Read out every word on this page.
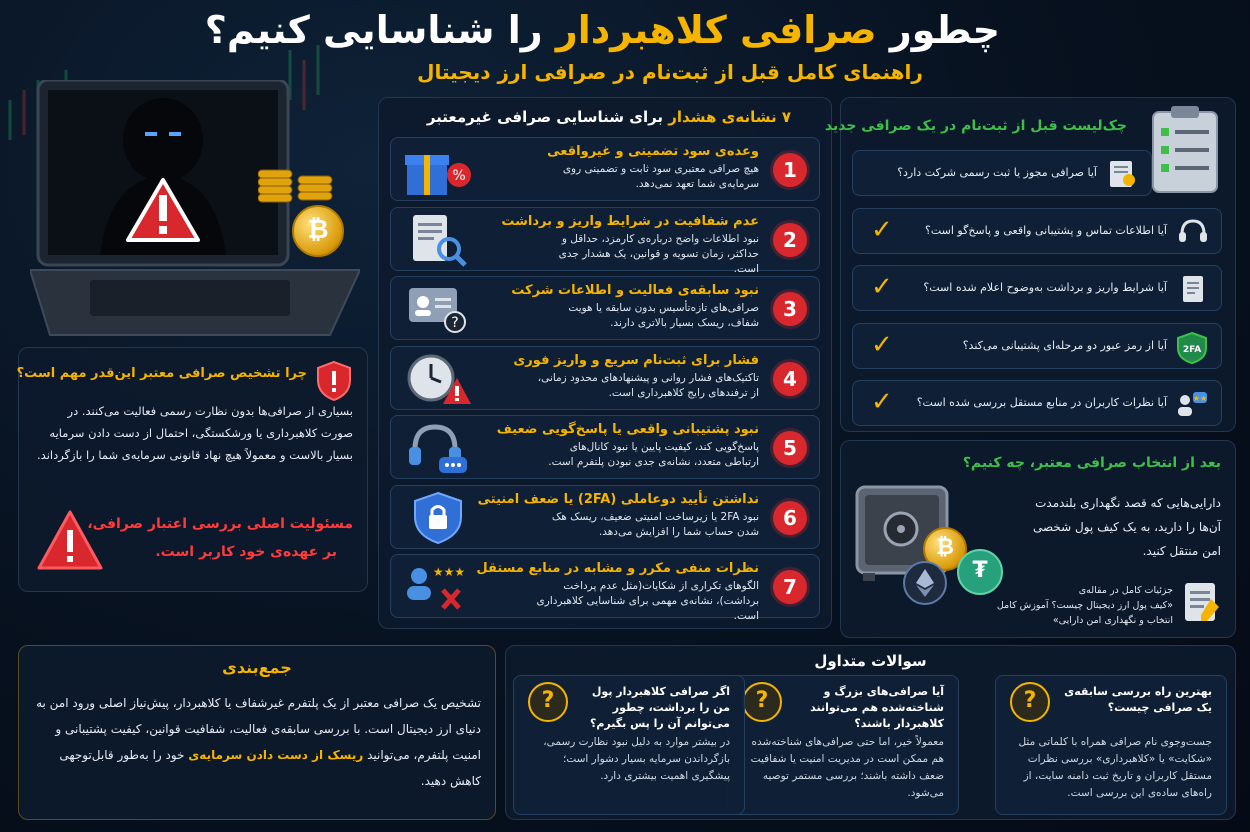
چطور صرافی کلاهبردار را شناسایی کنیم؟
راهنمای کامل قبل از ثبت‌نام در صرافی ارز دیجیتال
₿
چرا تشخیص صرافی معتبر این‌قدر مهم است؟
بسیاری از صرافی‌ها بدون نظارت رسمی فعالیت می‌کنند. در صورت کلاهبرداری یا ورشکستگی، احتمال از دست دادن سرمایه بسیار بالاست و معمولاً هیچ نهاد قانونی سرمایه‌ی شما را بازگرداند.
مسئولیت اصلی بررسی اعتبار صرافی،
بر عهده‌ی خود کاربر است.
۷ نشانه‌ی هشدار برای شناسایی صرافی غیرمعتبر
1
وعده‌ی سود تضمینی و غیرواقعی
هیچ صرافی معتبری سود ثابت و تضمینی روی سرمایه‌ی شما تعهد نمی‌دهد.
%
2
عدم شفافیت در شرایط واریز و برداشت
نبود اطلاعات واضح درباره‌ی کارمزد، حداقل و حداکثر، زمان تسویه و قوانین، یک هشدار جدی است.
3
نبود سابقه‌ی فعالیت و اطلاعات شرکت
صرافی‌های تازه‌تأسیس بدون سابقه یا هویت شفاف، ریسک بسیار بالاتری دارند.
?
4
فشار برای ثبت‌نام سریع و واریز فوری
تاکتیک‌های فشار روانی و پیشنهادهای محدود زمانی، از ترفندهای رایج کلاهبرداری است.
5
نبود پشتیبانی واقعی یا پاسخ‌گویی ضعیف
پاسخ‌گویی کند، کیفیت پایین یا نبود کانال‌های ارتباطی متعدد، نشانه‌ی جدی نبودن پلتفرم است.
6
نداشتن تأیید دوعاملی (2FA) یا ضعف امنیتی
نبود 2FA یا زیرساخت امنیتی ضعیف، ریسک هک شدن حساب شما را افزایش می‌دهد.
7
نظرات منفی مکرر و مشابه در منابع مستقل
الگوهای تکراری از شکایات(مثل عدم پرداخت برداشت)، نشانه‌ی مهمی برای شناسایی کلاهبرداری است.
★★★
چک‌لیست قبل از ثبت‌نام در یک صرافی جدید
آیا صرافی مجوز یا ثبت رسمی شرکت دارد؟
آیا اطلاعات تماس و پشتیبانی واقعی و پاسخ‌گو است؟
✓
آیا شرایط واریز و برداشت به‌وضوح اعلام شده است؟
✓
2FA
آیا از رمز عبور دو مرحله‌ای پشتیبانی می‌کند؟
✓
★★
آیا نظرات کاربران در منابع مستقل بررسی شده است؟
✓
بعد از انتخاب صرافی معتبر، چه کنیم؟
دارایی‌هایی که قصد نگهداری بلندمدت آن‌ها را دارید، به یک کیف پول شخصی امن منتقل کنید.
₿
₮
جزئیات کامل در مقاله‌ی
«کیف پول ارز دیجیتال چیست؟ آموزش کامل
انتخاب و نگهداری امن دارایی»
جمع‌بندی
تشخیص یک صرافی معتبر از یک پلتفرم غیرشفاف یا کلاهبردار، پیش‌نیاز اصلی ورود امن به دنیای ارز دیجیتال است. با بررسی سابقه‌ی فعالیت، شفافیت قوانین، کیفیت پشتیبانی و امنیت پلتفرم، می‌توانید ریسک از دست دادن سرمایه‌ی خود را به‌طور قابل‌توجهی کاهش دهید.
سوالات متداول
?	بهترین راه بررسی سابقه‌ی یک صرافی چیست؟
جست‌وجوی نام صرافی همراه با کلماتی مثل «شکایت» یا «کلاهبرداری» بررسی نظرات مستقل کاربران و تاریخ ثبت دامنه سایت، از راه‌های ساده‌ی این بررسی است.
?	آیا صرافی‌های بزرگ و شناخته‌شده هم می‌توانند کلاهبردار باشند؟
معمولاً خیر، اما حتی صرافی‌های شناخته‌شده هم ممکن است در مدیریت امنیت یا شفافیت ضعف داشته باشند؛ بررسی مستمر توصیه می‌شود.
?	اگر صرافی کلاهبردار پول من را برداشت، چطور می‌توانم آن را پس بگیرم؟
در بیشتر موارد به دلیل نبود نظارت رسمی، بازگرداندن سرمایه بسیار دشوار است؛ پیشگیری اهمیت بیشتری دارد.
